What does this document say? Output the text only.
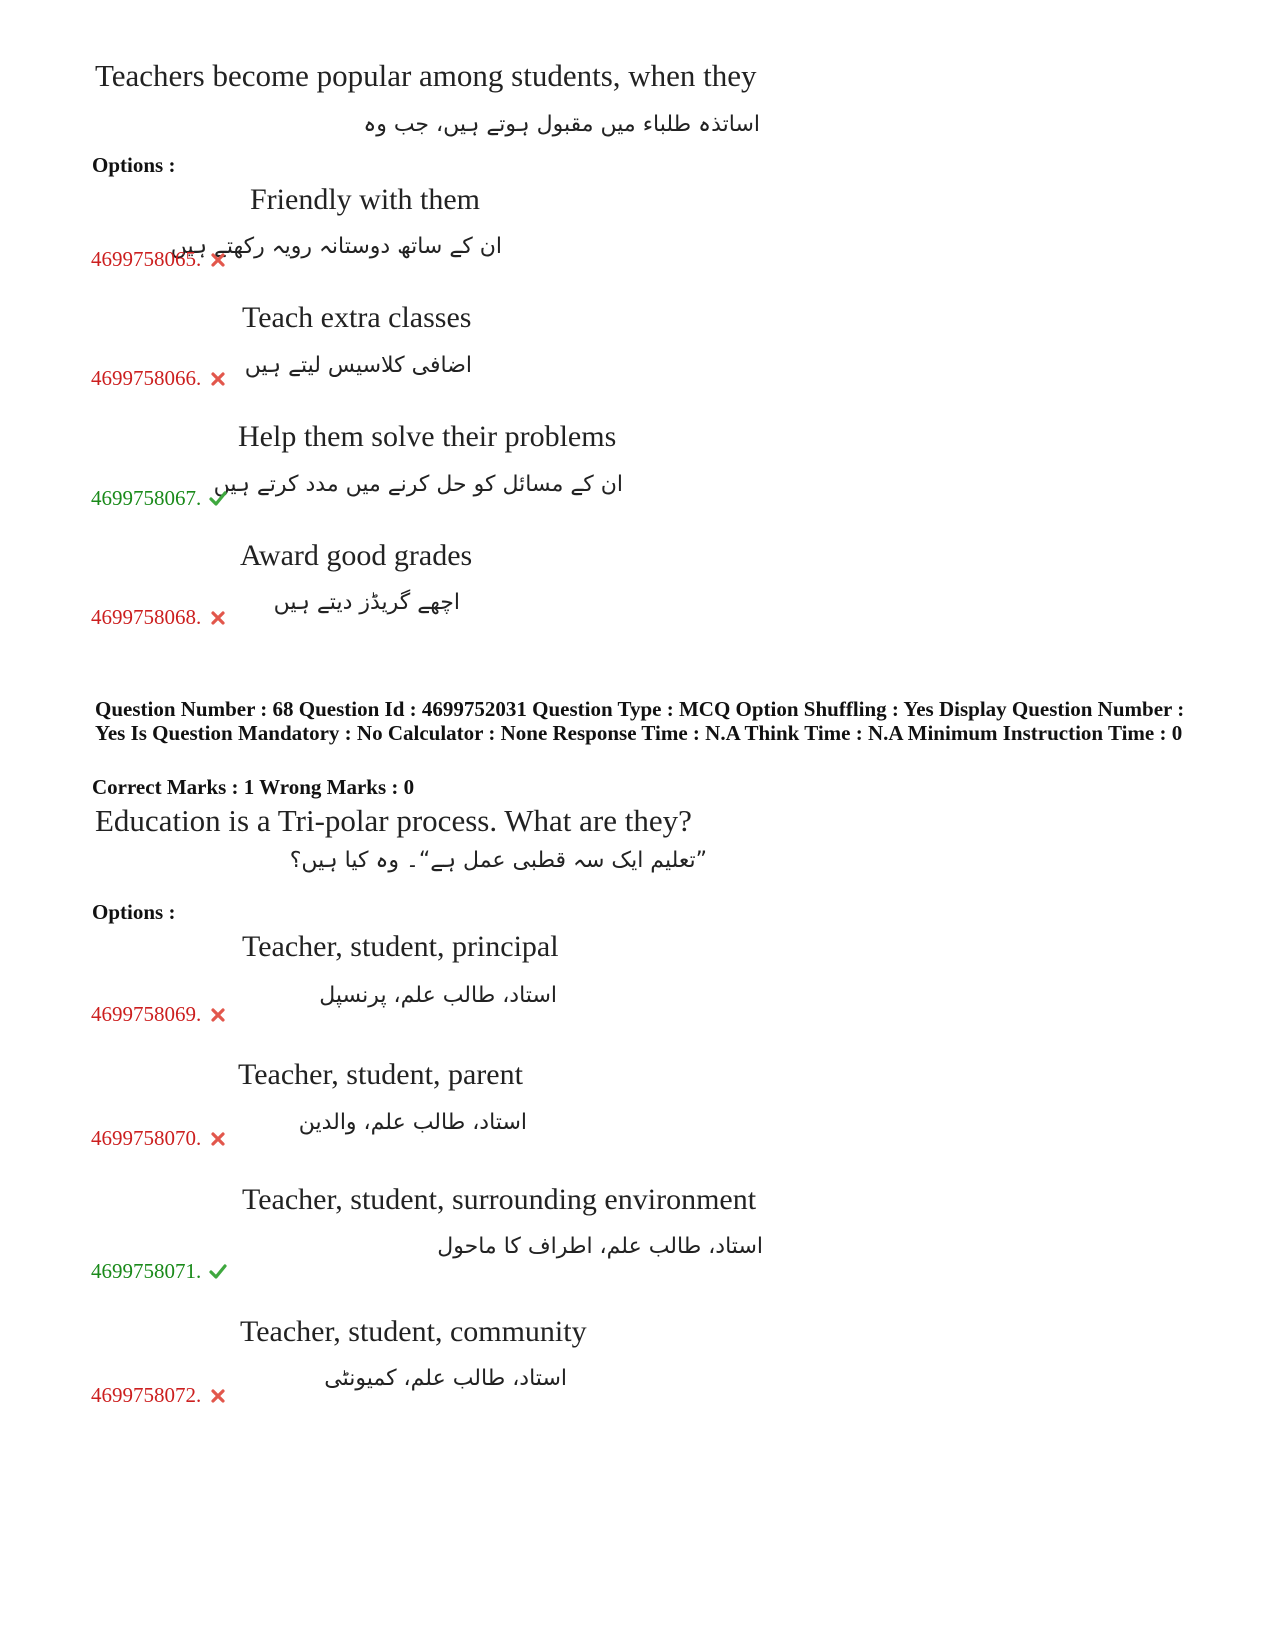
Teachers become popular among students, when they
اساتذہ طلباء میں مقبول ہوتے ہیں، جب وہ
Options :
Friendly with them
ان کے ساتھ دوستانہ رویہ رکھتے ہیں
4699758065.
Teach extra classes
اضافی کلاسیس لیتے ہیں
4699758066.
Help them solve their problems
ان کے مسائل کو حل کرنے میں مدد کرتے ہیں
4699758067.
Award good grades
اچھے گریڈز دیتے ہیں
4699758068.
Question Number : 68 Question Id : 4699752031 Question Type : MCQ Option Shuffling : Yes Display Question Number : Yes Is Question Mandatory : No Calculator : None Response Time : N.A Think Time : N.A Minimum Instruction Time : 0
Correct Marks : 1 Wrong Marks : 0
Education is a Tri-polar process. What are they?
”تعلیم ایک سہ قطبی عمل ہے“۔ وہ کیا ہیں؟
Options :
Teacher, student, principal
استاد، طالب علم، پرنسپل
4699758069.
Teacher, student, parent
استاد، طالب علم، والدین
4699758070.
Teacher, student, surrounding environment
استاد، طالب علم، اطراف کا ماحول
4699758071.
Teacher, student, community
استاد، طالب علم، کمیونٹی
4699758072.
